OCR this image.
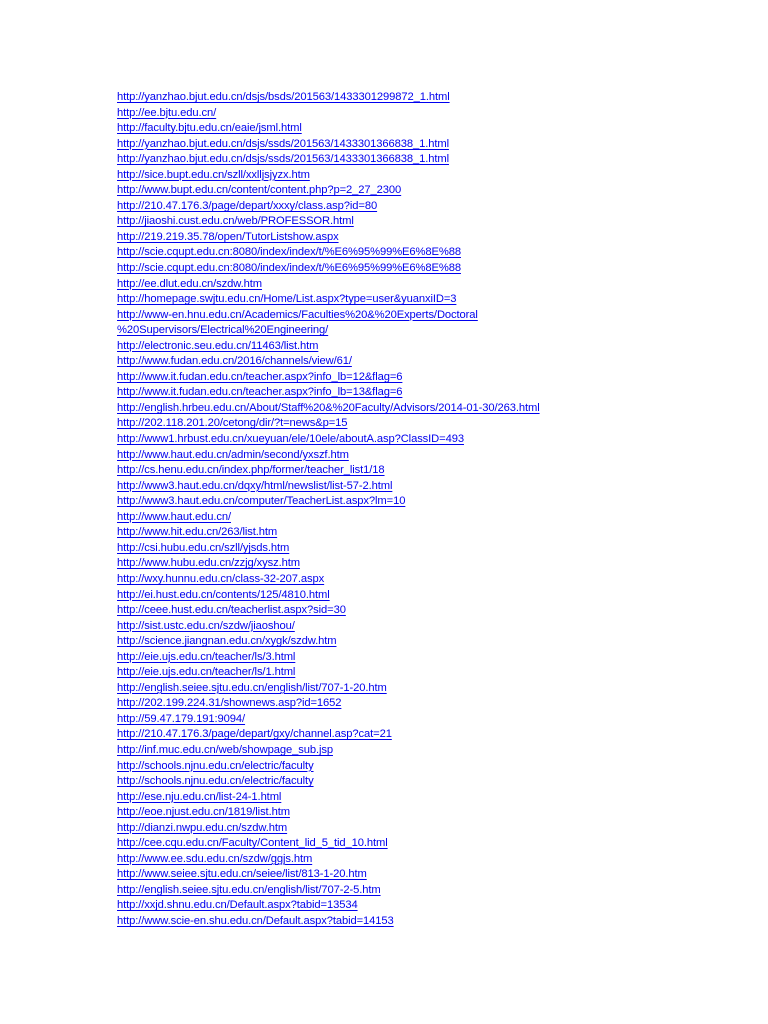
http://yanzhao.bjut.edu.cn/dsjs/bsds/201563/1433301299872_1.html
http://ee.bjtu.edu.cn/
http://faculty.bjtu.edu.cn/eaie/jsml.html
http://yanzhao.bjut.edu.cn/dsjs/ssds/201563/1433301366838_1.html
http://yanzhao.bjut.edu.cn/dsjs/ssds/201563/1433301366838_1.html
http://sice.bupt.edu.cn/szll/xxlljsjyzx.htm
http://www.bupt.edu.cn/content/content.php?p=2_27_2300
http://210.47.176.3/page/depart/xxxy/class.asp?id=80
http://jiaoshi.cust.edu.cn/web/PROFESSOR.html
http://219.219.35.78/open/TutorListshow.aspx
http://scie.cqupt.edu.cn:8080/index/index/t/%E6%95%99%E6%8E%88
http://scie.cqupt.edu.cn:8080/index/index/t/%E6%95%99%E6%8E%88
http://ee.dlut.edu.cn/szdw.htm
http://homepage.swjtu.edu.cn/Home/List.aspx?type=user&yuanxiID=3
http://www-en.hnu.edu.cn/Academics/Faculties%20&%20Experts/Doctoral
%20Supervisors/Electrical%20Engineering/
http://electronic.seu.edu.cn/11463/list.htm
http://www.fudan.edu.cn/2016/channels/view/61/
http://www.it.fudan.edu.cn/teacher.aspx?info_lb=12&flag=6
http://www.it.fudan.edu.cn/teacher.aspx?info_lb=13&flag=6
http://english.hrbeu.edu.cn/About/Staff%20&%20Faculty/Advisors/2014-01-30/263.html
http://202.118.201.20/cetong/dir/?t=news&p=15
http://www1.hrbust.edu.cn/xueyuan/ele/10ele/aboutA.asp?ClassID=493
http://www.haut.edu.cn/admin/second/yxszf.htm
http://cs.henu.edu.cn/index.php/former/teacher_list1/18
http://www3.haut.edu.cn/dqxy/html/newslist/list-57-2.html
http://www3.haut.edu.cn/computer/TeacherList.aspx?lm=10
http://www.haut.edu.cn/
http://www.hit.edu.cn/263/list.htm
http://csi.hubu.edu.cn/szll/yjsds.htm
http://www.hubu.edu.cn/zzjg/xysz.htm
http://wxy.hunnu.edu.cn/class-32-207.aspx
http://ei.hust.edu.cn/contents/125/4810.html
http://ceee.hust.edu.cn/teacherlist.aspx?sid=30
http://sist.ustc.edu.cn/szdw/jiaoshou/
http://science.jiangnan.edu.cn/xygk/szdw.htm
http://eie.ujs.edu.cn/teacher/ls/3.html
http://eie.ujs.edu.cn/teacher/ls/1.html
http://english.seiee.sjtu.edu.cn/english/list/707-1-20.htm
http://202.199.224.31/shownews.asp?id=1652
http://59.47.179.191:9094/
http://210.47.176.3/page/depart/gxy/channel.asp?cat=21
http://inf.muc.edu.cn/web/showpage_sub.jsp
http://schools.njnu.edu.cn/electric/faculty
http://schools.njnu.edu.cn/electric/faculty
http://ese.nju.edu.cn/list-24-1.html
http://eoe.njust.edu.cn/1819/list.htm
http://dianzi.nwpu.edu.cn/szdw.htm
http://cee.cqu.edu.cn/Faculty/Content_lid_5_tid_10.html
http://www.ee.sdu.edu.cn/szdw/ggjs.htm
http://www.seiee.sjtu.edu.cn/seiee/list/813-1-20.htm
http://english.seiee.sjtu.edu.cn/english/list/707-2-5.htm
http://xxjd.shnu.edu.cn/Default.aspx?tabid=13534
http://www.scie-en.shu.edu.cn/Default.aspx?tabid=14153
